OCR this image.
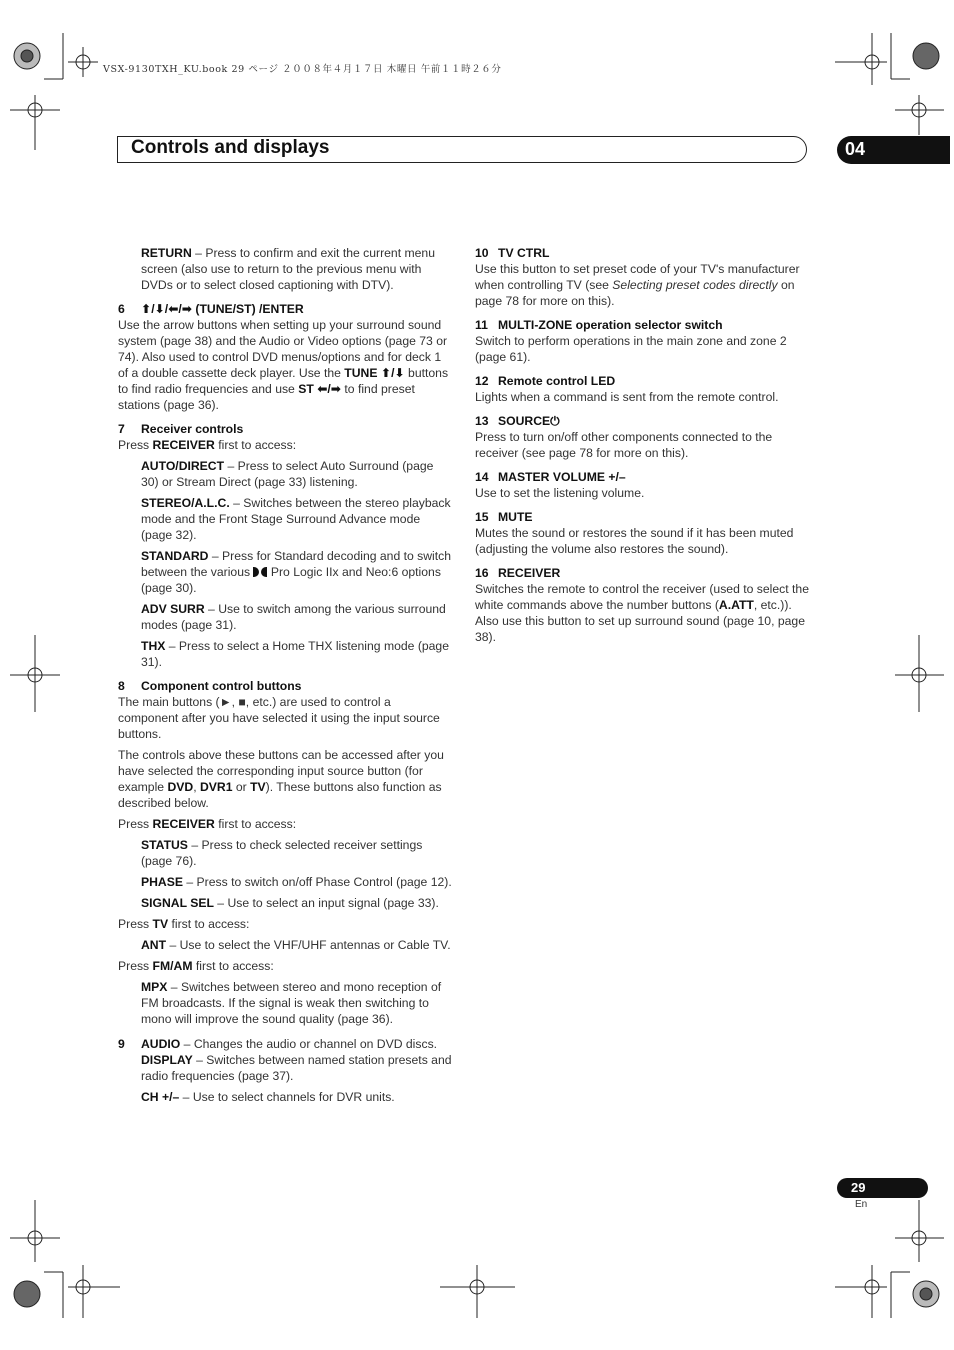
VSX-9130TXH_KU.book 29 ページ ２００８年４月１７日 木曜日 午前１１時２６分
Controls and displays	04

RETURN – Press to confirm and exit the current menu screen (also use to return to the previous menu with DVDs or to select closed captioning with DTV).

6 ⬆/⬇/⬅/➡ (TUNE/ST) /ENTER

Use the arrow buttons when setting up your surround sound system (page 38) and the Audio or Video options (page 73 or 74). Also used to control DVD menus/options and for deck 1 of a double cassette deck player. Use the TUNE ⬆/⬇ buttons to find radio frequencies and use ST ⬅/➡ to find preset stations (page 36).

7 Receiver controls

Press RECEIVER first to access:

AUTO/DIRECT – Press to select Auto Surround (page 30) or Stream Direct (page 33) listening.

STEREO/A.L.C. – Switches between the stereo playback mode and the Front Stage Surround Advance mode (page 32).

STANDARD – Press for Standard decoding and to switch between the various
Pro Logic IIx and Neo:6 options (page 30).

ADV SURR – Use to switch among the various surround modes (page 31).

THX – Press to select a Home THX listening mode (page 31).

8 Component control buttons

The main buttons (►, ■, etc.) are used to control a component after you have selected it using the input source buttons.

The controls above these buttons can be accessed after you have selected the corresponding input source button (for example DVD, DVR1 or TV). These buttons also function as described below.

Press RECEIVER first to access:

STATUS – Press to check selected receiver settings (page 76).

PHASE – Press to switch on/off Phase Control (page 12).

SIGNAL SEL – Use to select an input signal (page 33).

Press TV first to access:

ANT – Use to select the VHF/UHF antennas or Cable TV.

Press FM/AM first to access:

MPX – Switches between stereo and mono reception of FM broadcasts. If the signal is weak then switching to mono will improve the sound quality (page 36).

9 AUDIO – Changes the audio or channel on DVD discs.

DISPLAY – Switches between named station presets and radio frequencies (page 37).

CH +/– – Use to select channels for DVR units.

10 TV CTRL

Use this button to set preset code of your TV's manufacturer when controlling TV (see Selecting preset codes directly on page 78 for more on this).

11 MULTI-ZONE operation selector switch

Switch to perform operations in the main zone and zone 2 (page 61).

12 Remote control LED

Lights when a command is sent from the remote control.

13 SOURCE⏻

Press to turn on/off other components connected to the receiver (see page 78 for more on this).

14 MASTER VOLUME +/–

Use to set the listening volume.

15 MUTE

Mutes the sound or restores the sound if it has been muted (adjusting the volume also restores the sound).

16 RECEIVER

Switches the remote to control the receiver (used to select the white commands above the number buttons (A.ATT, etc.)). Also use this button to set up surround sound (page 10, page 38).

29
En
